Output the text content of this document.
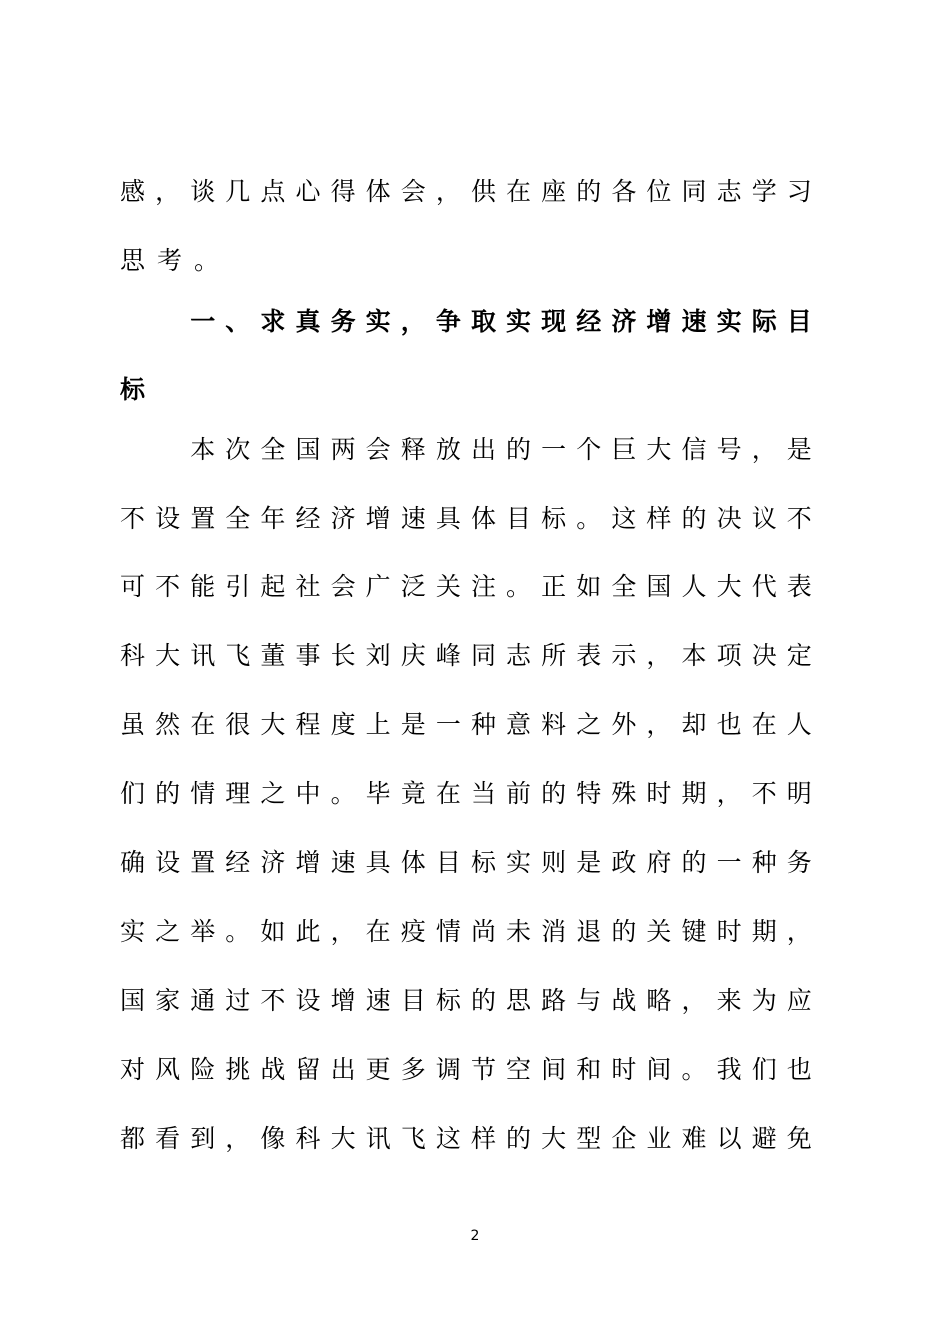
感 ， 谈 几 点 心 得 体 会 ， 供 在 座 的 各 位 同 志 学 习
思 考 。

一 、 求 真 务 实 ， 争 取 实 现 经 济 增 速 实 际 目
标

本 次 全 国 两 会 释 放 出 的 一 个 巨 大 信 号 ， 是
不 设 置 全 年 经 济 增 速 具 体 目 标 。 这 样 的 决 议 不
可 不 能 引 起 社 会 广 泛 关 注 。 正 如 全 国 人 大 代 表
科 大 讯 飞 董 事 长 刘 庆 峰 同 志 所 表 示 ， 本 项 决 定
虽 然 在 很 大 程 度 上 是 一 种 意 料 之 外 ， 却 也 在 人
们 的 情 理 之 中 。 毕 竟 在 当 前 的 特 殊 时 期 ， 不 明
确 设 置 经 济 增 速 具 体 目 标 实 则 是 政 府 的 一 种 务
实 之 举 。 如 此 ， 在 疫 情 尚 未 消 退 的 关 键 时 期 ，
国 家 通 过 不 设 增 速 目 标 的 思 路 与 战 略 ， 来 为 应
对 风 险 挑 战 留 出 更 多 调 节 空 间 和 时 间 。 我 们 也
都 看 到 ， 像 科 大 讯 飞 这 样 的 大 型 企 业 难 以 避 免
2
